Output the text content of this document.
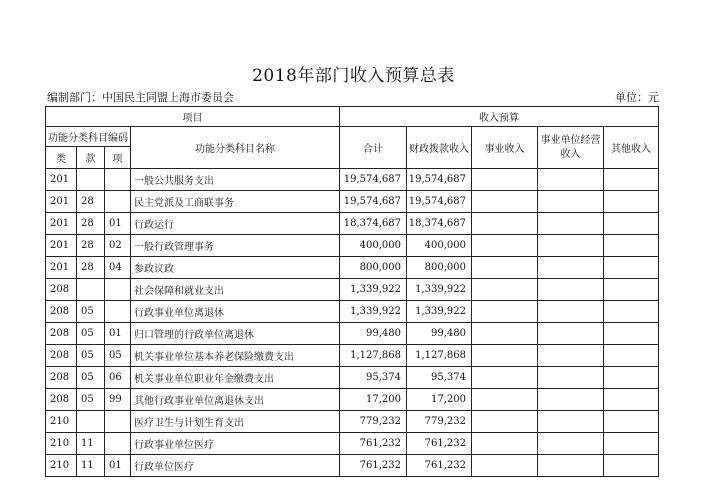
2018年部门收入预算总表
编制部门：中国民主同盟上海市委员会	单位：元
项目				收入预算				
功能分类科目编码			功能分类科目名称	合计	财政拨款收入	事业收入	事业单位经营收入	其他收入
类	款	项						
201			一般公共服务支出	19,574,687	19,574,687			
201	28		民主党派及工商联事务	19,574,687	19,574,687			
201	28	01	行政运行	18,374,687	18,374,687			
201	28	02	一般行政管理事务	400,000	400,000			
201	28	04	参政议政	800,000	800,000			
208			社会保障和就业支出	1,339,922	1,339,922			
208	05		行政事业单位离退休	1,339,922	1,339,922			
208	05	01	归口管理的行政单位离退休	99,480	99,480			
208	05	05	机关事业单位基本养老保险缴费支出	1,127,868	1,127,868			
208	05	06	机关事业单位职业年金缴费支出	95,374	95,374			
208	05	99	其他行政事业单位离退休支出	17,200	17,200			
210			医疗卫生与计划生育支出	779,232	779,232			
210	11		行政事业单位医疗	761,232	761,232			
210	11	01	行政单位医疗	761,232	761,232			
